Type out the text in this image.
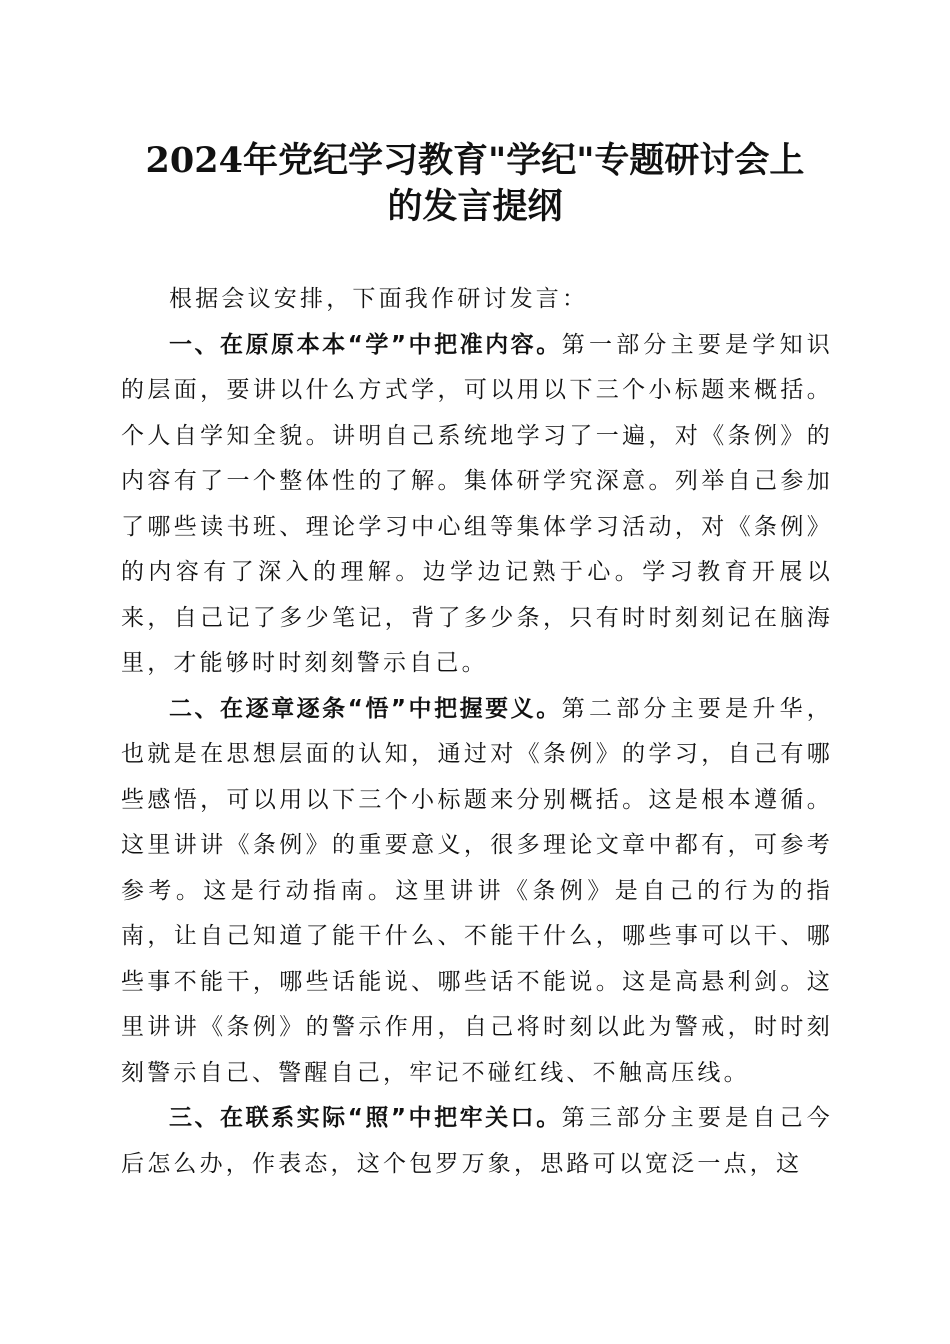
2024年党纪学习教育"学纪"专题研讨会上
的发言提纲

根据会议安排，下面我作研讨发言：

一、在原原本本“学”中把准内容。第一部分主要是学知识的层面，要讲以什么方式学，可以用以下三个小标题来概括。个人自学知全貌。讲明自己系统地学习了一遍，对《条例》的内容有了一个整体性的了解。集体研学究深意。列举自己参加了哪些读书班、理论学习中心组等集体学习活动，对《条例》的内容有了深入的理解。边学边记熟于心。学习教育开展以来，自己记了多少笔记，背了多少条，只有时时刻刻记在脑海里，才能够时时刻刻警示自己。

二、在逐章逐条“悟”中把握要义。第二部分主要是升华，也就是在思想层面的认知，通过对《条例》的学习，自己有哪些感悟，可以用以下三个小标题来分别概括。这是根本遵循。这里讲讲《条例》的重要意义，很多理论文章中都有，可参考参考。这是行动指南。这里讲讲《条例》是自己的行为的指南，让自己知道了能干什么、不能干什么，哪些事可以干、哪些事不能干，哪些话能说、哪些话不能说。这是高悬利剑。这里讲讲《条例》的警示作用，自己将时刻以此为警戒，时时刻刻警示自己、警醒自己，牢记不碰红线、不触高压线。

三、在联系实际“照”中把牢关口。第三部分主要是自己今后怎么办，作表态，这个包罗万象，思路可以宽泛一点，这
